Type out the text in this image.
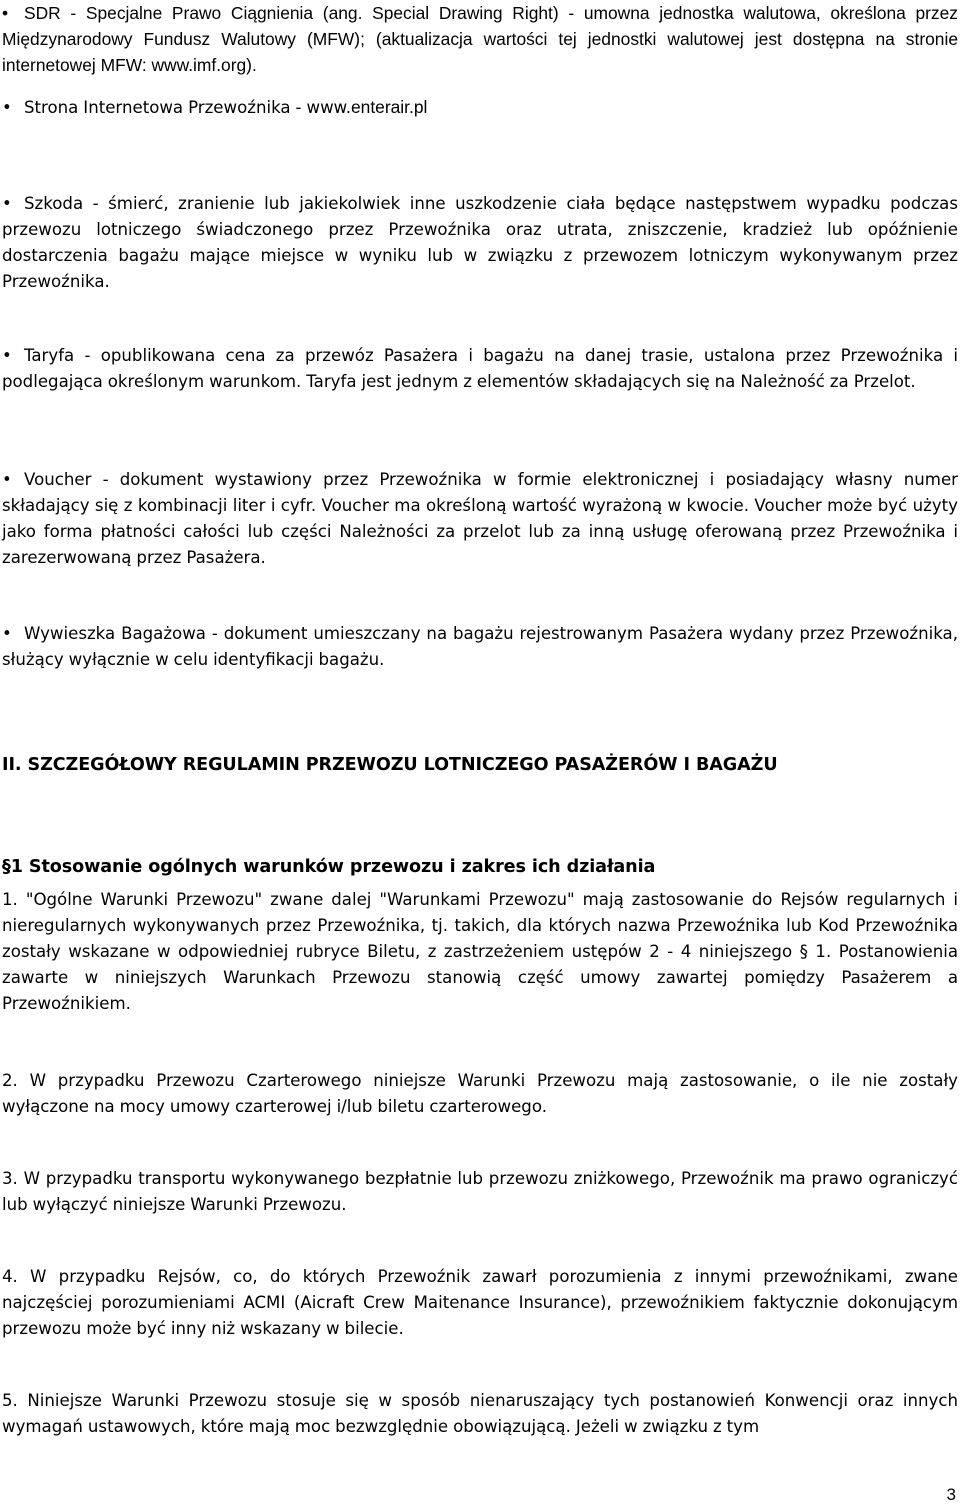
• SDR - Specjalne Prawo Ciągnienia (ang. Special Drawing Right) - umowna jednostka walutowa, określona przez Międzynarodowy Fundusz Walutowy (MFW); (aktualizacja wartości tej jednostki walutowej jest dostępna na stronie internetowej MFW: www.imf.org).

• Strona Internetowa Przewoźnika - www.enterair.pl

• Szkoda - śmierć, zranienie lub jakiekolwiek inne uszkodzenie ciała będące następstwem wypadku podczas przewozu lotniczego świadczonego przez Przewoźnika oraz utrata, zniszczenie, kradzież lub opóźnienie dostarczenia bagażu mające miejsce w wyniku lub w związku z przewozem lotniczym wykonywanym przez Przewoźnika.

• Taryfa - opublikowana cena za przewóz Pasażera i bagażu na danej trasie, ustalona przez Przewoźnika i podlegająca określonym warunkom. Taryfa jest jednym z elementów składających się na Należność za Przelot.

• Voucher - dokument wystawiony przez Przewoźnika w formie elektronicznej i posiadający własny numer składający się z kombinacji liter i cyfr. Voucher ma określoną wartość wyrażoną w kwocie. Voucher może być użyty jako forma płatności całości lub części Należności za przelot lub za inną usługę oferowaną przez Przewoźnika i zarezerwowaną przez Pasażera.

• Wywieszka Bagażowa - dokument umieszczany na bagażu rejestrowanym Pasażera wydany przez Przewoźnika, służący wyłącznie w celu identyfikacji bagażu.

II. SZCZEGÓŁOWY REGULAMIN PRZEWOZU LOTNICZEGO PASAŻERÓW I BAGAŻU

§1 Stosowanie ogólnych warunków przewozu i zakres ich działania

1. "Ogólne Warunki Przewozu" zwane dalej "Warunkami Przewozu" mają zastosowanie do Rejsów regularnych i nieregularnych wykonywanych przez Przewoźnika, tj. takich, dla których nazwa Przewoźnika lub Kod Przewoźnika zostały wskazane w odpowiedniej rubryce Biletu, z zastrzeżeniem ustępów 2 - 4 niniejszego § 1. Postanowienia zawarte w niniejszych Warunkach Przewozu stanowią część umowy zawartej pomiędzy Pasażerem a Przewoźnikiem.

2. W przypadku Przewozu Czarterowego niniejsze Warunki Przewozu mają zastosowanie, o ile nie zostały wyłączone na mocy umowy czarterowej i/lub biletu czarterowego.

3. W przypadku transportu wykonywanego bezpłatnie lub przewozu zniżkowego, Przewoźnik ma prawo ograniczyć lub wyłączyć niniejsze Warunki Przewozu.

4. W przypadku Rejsów, co, do których Przewoźnik zawarł porozumienia z innymi przewoźnikami, zwane najczęściej porozumieniami ACMI (Aicraft Crew Maitenance Insurance), przewoźnikiem faktycznie dokonującym przewozu może być inny niż wskazany w bilecie.

5. Niniejsze Warunki Przewozu stosuje się w sposób nienaruszający tych postanowień Konwencji oraz innych wymagań ustawowych, które mają moc bezwzględnie obowiązującą. Jeżeli w związku z tym

3
